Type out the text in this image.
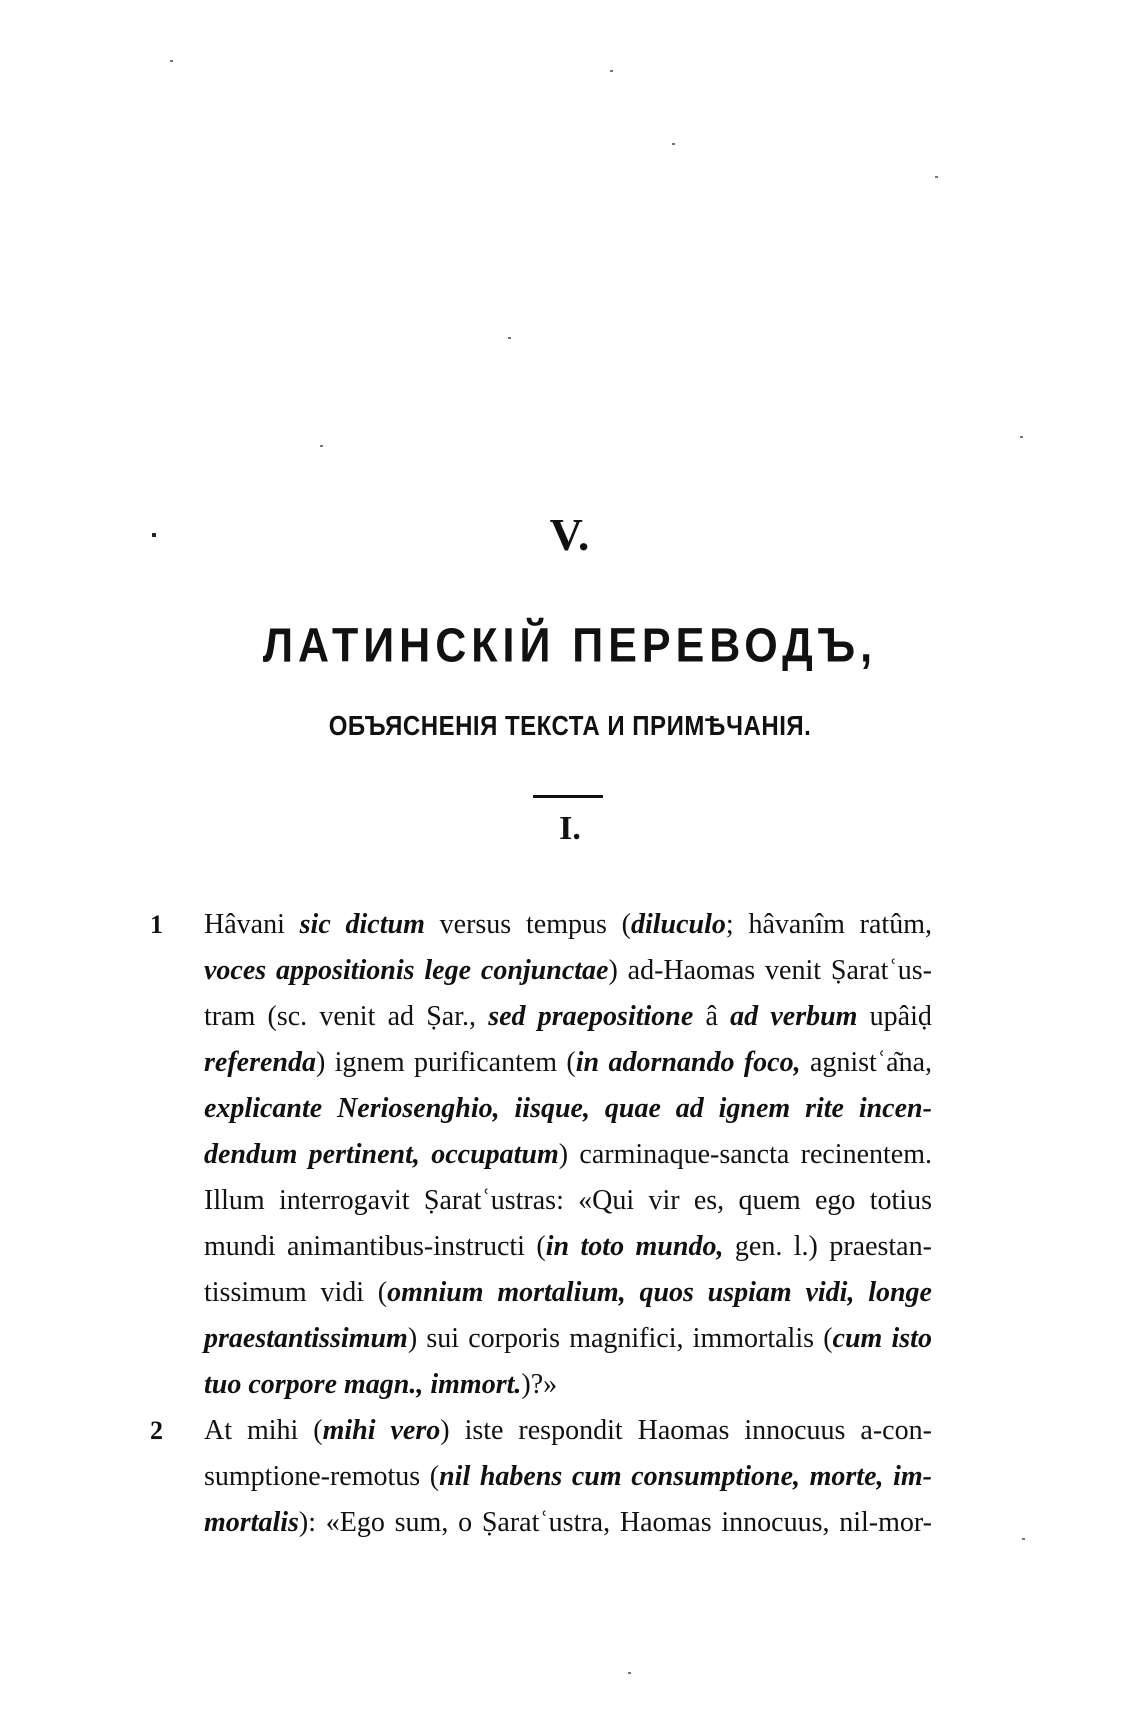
V.
ЛАТИНСКІЙ ПЕРЕВОДЪ,
ОБЪЯСНЕНІЯ ТЕКСТА И ПРИМѢЧАНІЯ.
I.
1 Hâvani sic dictum versus tempus (diluculo; hâvanîm ratûm,
voces appositionis lege conjunctae) ad-Haomas venit Ṣaratʿus-
tram (sc. venit ad Ṣar., sed praepositione â ad verbum upâiḍ
referenda) ignem purificantem (in adornando foco, agnistʿa͂na,
explicante Neriosenghio, iisque, quae ad ignem rite incen-
dendum pertinent, occupatum) carminaque-sancta recinentem.
Illum interrogavit Ṣaratʿustras: «Qui vir es, quem ego totius
mundi animantibus-instructi (in toto mundo, gen. l.) praestan-
tissimum vidi (omnium mortalium, quos uspiam vidi, longe
praestantissimum) sui corporis magnifici, immortalis (cum isto
tuo
corpore
magn.,
immort.)?»

2 At mihi (mihi vero) iste respondit Haomas innocuus a-con-
sumptione-remotus (nil habens cum consumptione, morte, im-
mortalis): «Ego sum, o Ṣaratʿustra, Haomas innocuus, nil-mor-
